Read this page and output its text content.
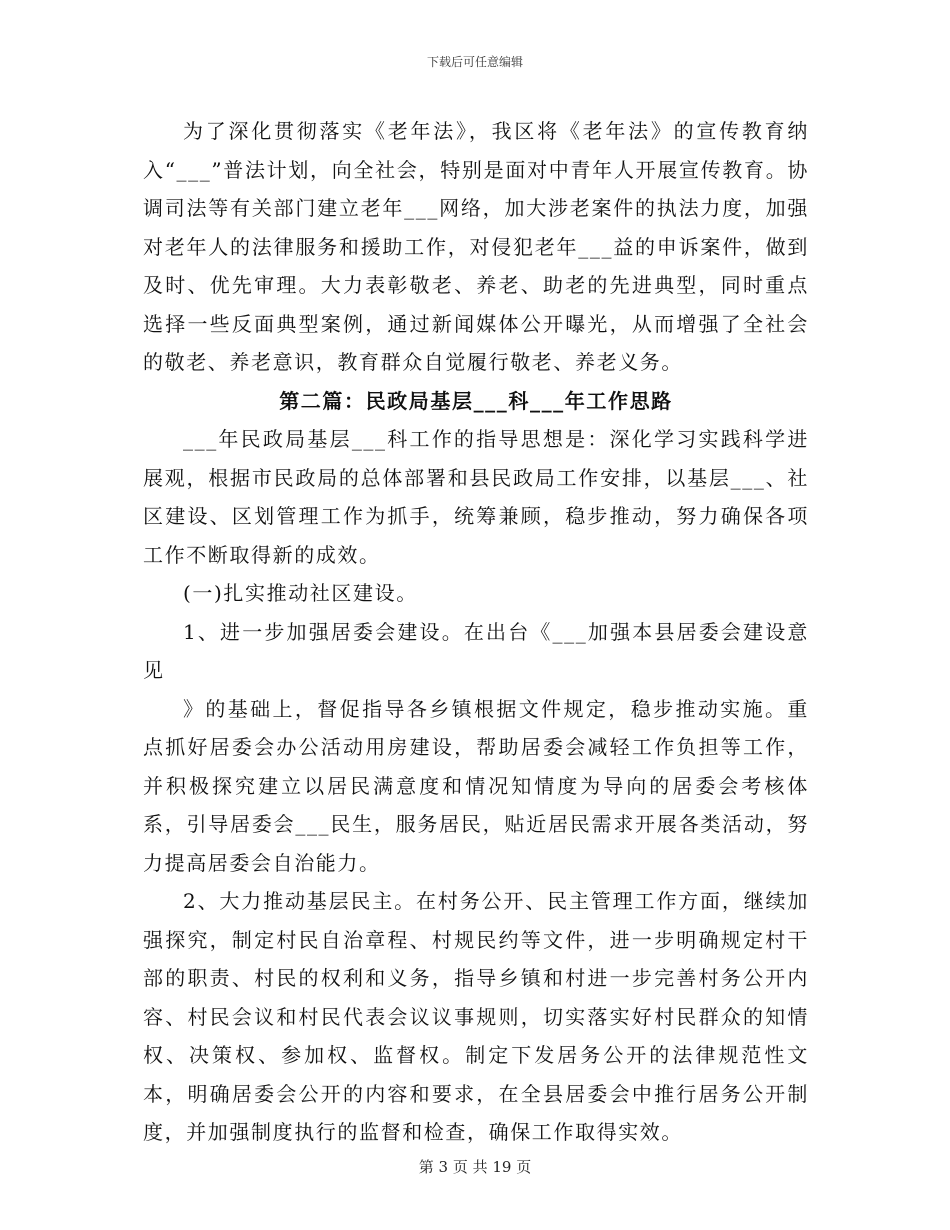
下载后可任意编辑

为了深化贯彻落实《老年法》，我区将《老年法》的宣传教育纳入“___”普法计划，向全社会，特别是面对中青年人开展宣传教育。协调司法等有关部门建立老年___网络，加大涉老案件的执法力度，加强对老年人的法律服务和援助工作，对侵犯老年___益的申诉案件，做到及时、优先审理。大力表彰敬老、养老、助老的先进典型，同时重点选择一些反面典型案例，通过新闻媒体公开曝光，从而增强了全社会的敬老、养老意识，教育群众自觉履行敬老、养老义务。

第二篇：民政局基层___科___年工作思路

___年民政局基层___科工作的指导思想是：深化学习实践科学进展观，根据市民政局的总体部署和县民政局工作安排，以基层___、社区建设、区划管理工作为抓手，统筹兼顾，稳步推动，努力确保各项工作不断取得新的成效。

(一)扎实推动社区建设。

1、进一步加强居委会建设。在出台《___加强本县居委会建设意见

》的基础上，督促指导各乡镇根据文件规定，稳步推动实施。重点抓好居委会办公活动用房建设，帮助居委会减轻工作负担等工作，并积极探究建立以居民满意度和情况知情度为导向的居委会考核体系，引导居委会___民生，服务居民，贴近居民需求开展各类活动，努力提高居委会自治能力。

2、大力推动基层民主。在村务公开、民主管理工作方面，继续加强探究，制定村民自治章程、村规民约等文件，进一步明确规定村干部的职责、村民的权利和义务，指导乡镇和村进一步完善村务公开内容、村民会议和村民代表会议议事规则，切实落实好村民群众的知情权、决策权、参加权、监督权。制定下发居务公开的法律规范性文本，明确居委会公开的内容和要求，在全县居委会中推行居务公开制度，并加强制度执行的监督和检查，确保工作取得实效。

第 3 页 共 19 页
